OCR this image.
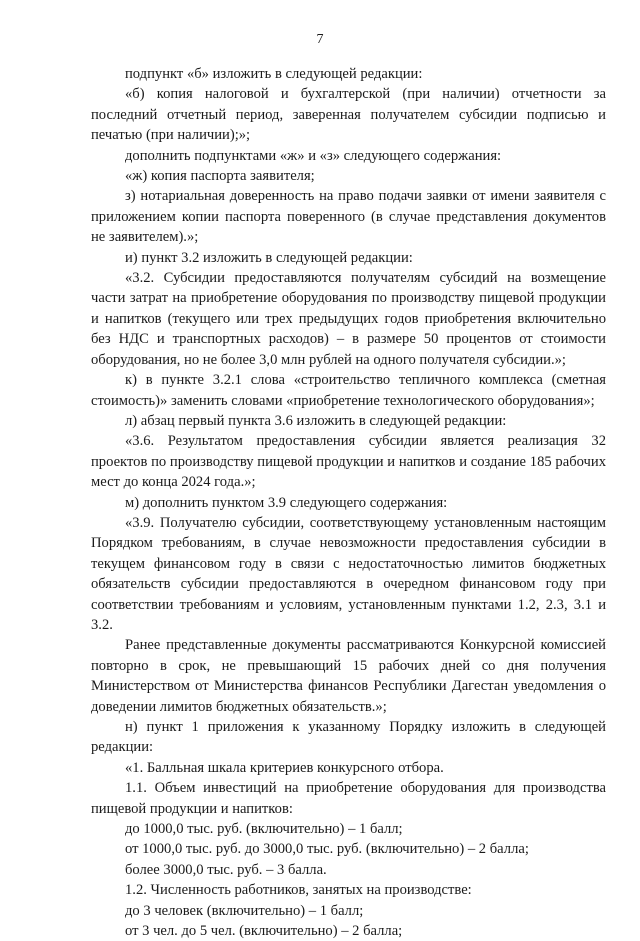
7

подпункт «б» изложить в следующей редакции:

«б) копия налоговой и бухгалтерской (при наличии) отчетности за последний отчетный период, заверенная получателем субсидии подписью и печатью (при наличии);»;

дополнить подпунктами «ж» и «з» следующего содержания:

«ж) копия паспорта заявителя;

з) нотариальная доверенность на право подачи заявки от имени заявителя с приложением копии паспорта поверенного (в случае представления документов не заявителем).»;

и) пункт 3.2 изложить в следующей редакции:

«3.2. Субсидии предоставляются получателям субсидий на возмещение части затрат на приобретение оборудования по производству пищевой продукции и напитков (текущего или трех предыдущих годов приобретения включительно без НДС и транспортных расходов) – в размере 50 процентов от стоимости оборудования, но не более 3,0 млн рублей на одного получателя субсидии.»;

к) в пункте 3.2.1 слова «строительство тепличного комплекса (сметная стоимость)» заменить словами «приобретение технологического оборудования»;

л) абзац первый пункта 3.6 изложить в следующей редакции:

«3.6. Результатом предоставления субсидии является реализация 32 проектов по производству пищевой продукции и напитков и создание 185 рабочих мест до конца 2024 года.»;

м) дополнить пунктом 3.9 следующего содержания:

«3.9. Получателю субсидии, соответствующему установленным настоящим Порядком требованиям, в случае невозможности предоставления субсидии в текущем финансовом году в связи с недостаточностью лимитов бюджетных обязательств субсидии предоставляются в очередном финансовом году при соответствии требованиям и условиям, установленным пунктами 1.2, 2.3, 3.1 и 3.2.

Ранее представленные документы рассматриваются Конкурсной комиссией повторно в срок, не превышающий 15 рабочих дней со дня получения Министерством от Министерства финансов Республики Дагестан уведомления о доведении лимитов бюджетных обязательств.»;

н) пункт 1 приложения к указанному Порядку изложить в следующей редакции:

«1. Балльная шкала критериев конкурсного отбора.

1.1. Объем инвестиций на приобретение оборудования для производства пищевой продукции и напитков:

до 1000,0 тыс. руб. (включительно) – 1 балл;

от 1000,0 тыс. руб. до 3000,0 тыс. руб. (включительно) – 2 балла;

более 3000,0 тыс. руб. – 3 балла.

1.2. Численность работников, занятых на производстве:

до 3 человек (включительно) – 1 балл;

от 3 чел. до 5 чел. (включительно) – 2 балла;
